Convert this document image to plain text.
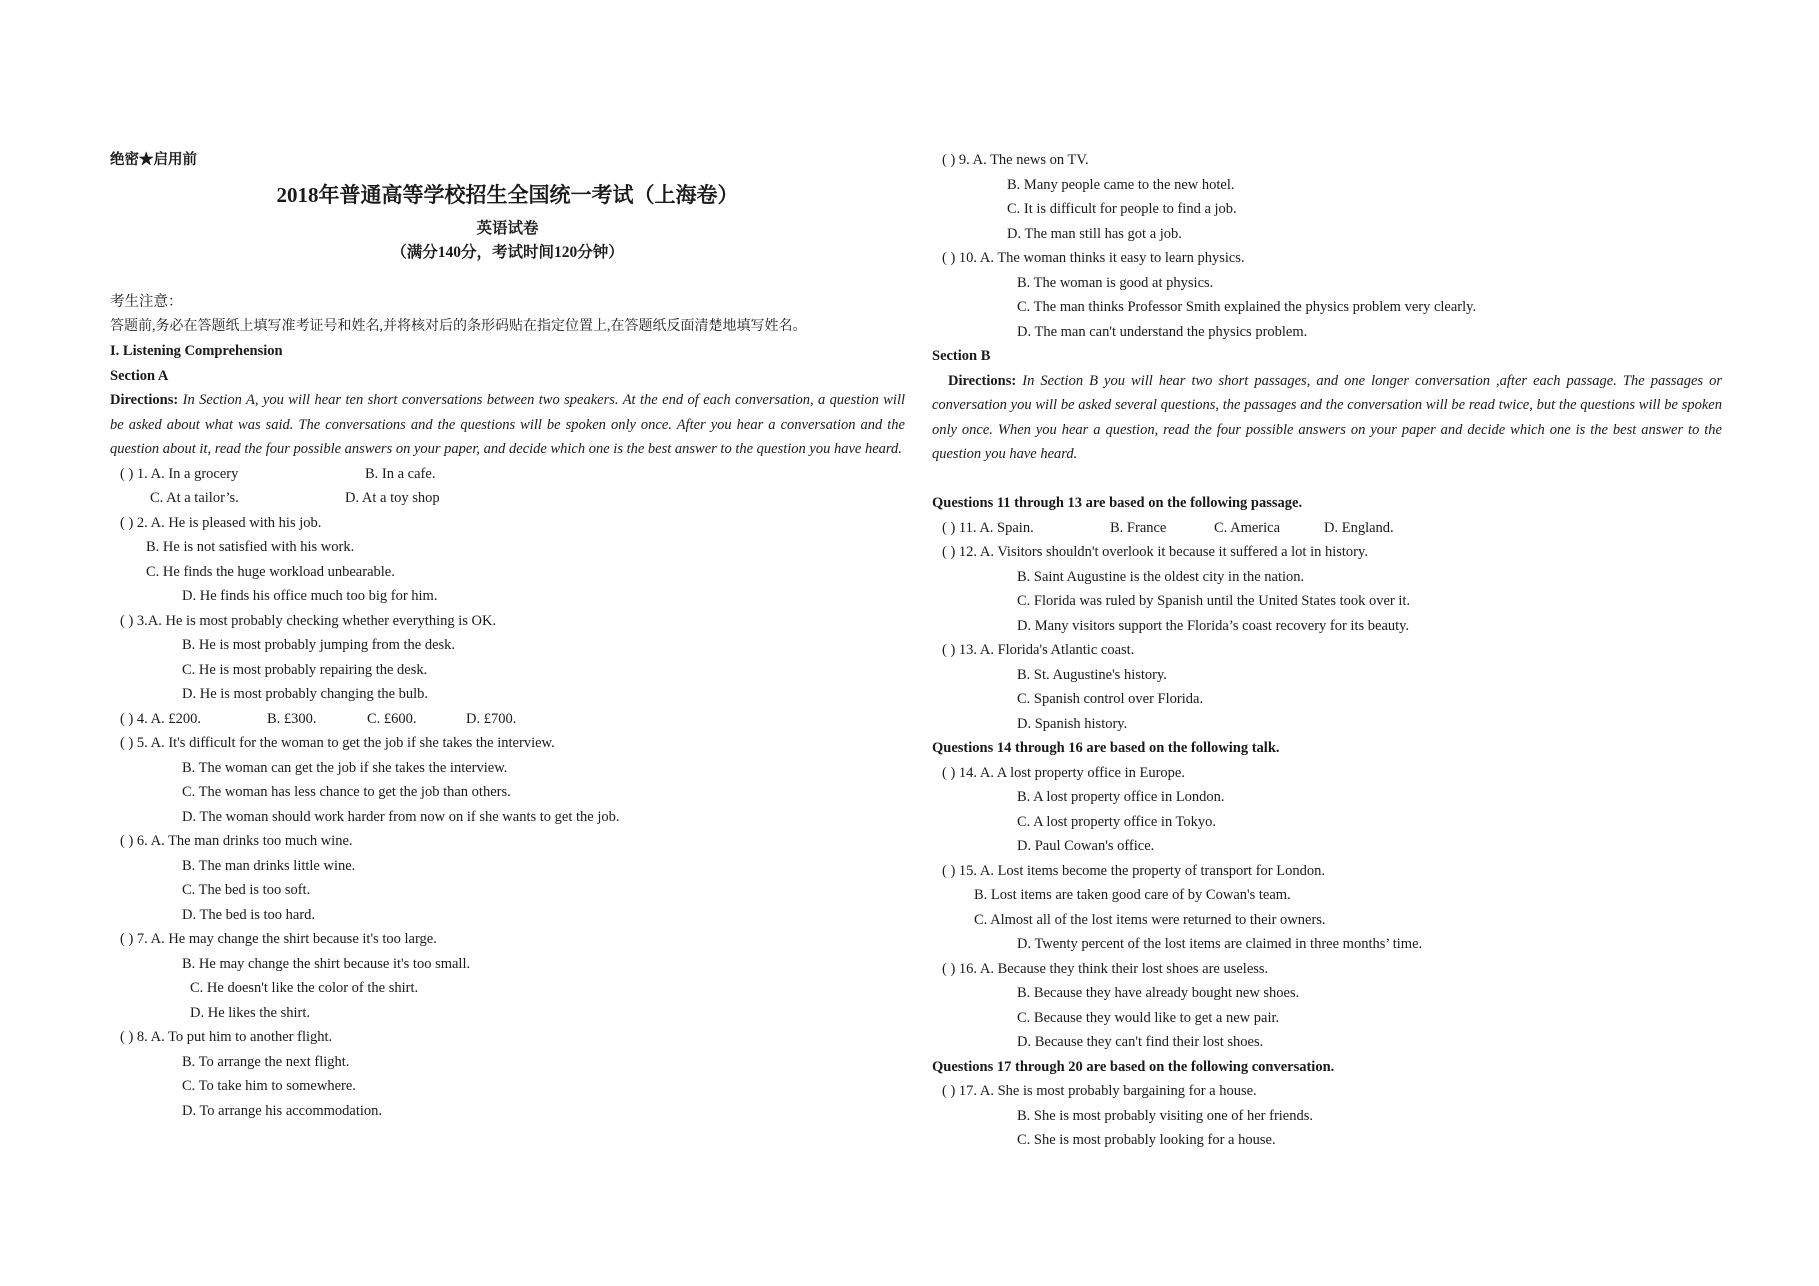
绝密★启用前
2018年普通高等学校招生全国统一考试（上海卷）
英语试卷
（满分140分，考试时间120分钟）
考生注意：
答题前,务必在答题纸上填写准考证号和姓名,并将核对后的条形码贴在指定位置上,在答题纸反面清楚地填写姓名。
I. Listening Comprehension
Section A
Directions: In Section A, you will hear ten short conversations between two speakers. At the end of each conversation, a question will be asked about what was said. The conversations and the questions will be spoken only once. After you hear a conversation and the question about it, read the four possible answers on your paper, and decide which one is the best answer to the question you have heard.
( ) 1. A. In a grocery	B. In a cafe.
C. At a tailor’s.	D. At a toy shop
( ) 2. A. He is pleased with his job.
B. He is not satisfied with his work.
C. He finds the huge workload unbearable.
D. He finds his office much too big for him.
( ) 3.A. He is most probably checking whether everything is OK.
B. He is most probably jumping from the desk.
C. He is most probably repairing the desk.
D. He is most probably changing the bulb.
( ) 4. A. £200.	B. £300.	C. £600.	D. £700.
( ) 5. A. It's difficult for the woman to get the job if she takes the interview.
B. The woman can get the job if she takes the interview.
C. The woman has less chance to get the job than others.
D. The woman should work harder from now on if she wants to get the job.
( ) 6. A. The man drinks too much wine.
B. The man drinks little wine.
C. The bed is too soft.
D. The bed is too hard.
( ) 7. A. He may change the shirt because it's too large.
B. He may change the shirt because it's too small.
C. He doesn't like the color of the shirt.
D. He likes the shirt.
( ) 8. A. To put him to another flight.
B. To arrange the next flight.
C. To take him to somewhere.
D. To arrange his accommodation.
( ) 9. A. The news on TV.
B. Many people came to the new hotel.
C. It is difficult for people to find a job.
D. The man still has got a job.
( ) 10. A. The woman thinks it easy to learn physics.
B. The woman is good at physics.
C. The man thinks Professor Smith explained the physics problem very clearly.
D. The man can't understand the physics problem.
Section B
Directions: In Section B you will hear two short passages, and one longer conversation ,after each passage. The passages or conversation you will be asked several questions, the passages and the conversation will be read twice, but the questions will be spoken only once. When you hear a question, read the four possible answers on your paper and decide which one is the best answer to the question you have heard.
Questions 11 through 13 are based on the following passage.
( ) 11. A. Spain.	B. France	C. America	D. England.
( ) 12. A. Visitors shouldn't overlook it because it suffered a lot in history.
B. Saint Augustine is the oldest city in the nation.
C. Florida was ruled by Spanish until the United States took over it.
D. Many visitors support the Florida’s coast recovery for its beauty.
( ) 13. A. Florida's Atlantic coast.
B. St. Augustine's history.
C. Spanish control over Florida.
D. Spanish history.
Questions 14 through 16 are based on the following talk.
( ) 14. A. A lost property office in Europe.
B. A lost property office in London.
C. A lost property office in Tokyo.
D. Paul Cowan's office.
( ) 15. A. Lost items become the property of transport for London.
B. Lost items are taken good care of by Cowan's team.
C. Almost all of the lost items were returned to their owners.
D. Twenty percent of the lost items are claimed in three months’ time.
( ) 16. A. Because they think their lost shoes are useless.
B. Because they have already bought new shoes.
C. Because they would like to get a new pair.
D. Because they can't find their lost shoes.
Questions 17 through 20 are based on the following conversation.
( ) 17. A. She is most probably bargaining for a house.
B. She is most probably visiting one of her friends.
C. She is most probably looking for a house.
